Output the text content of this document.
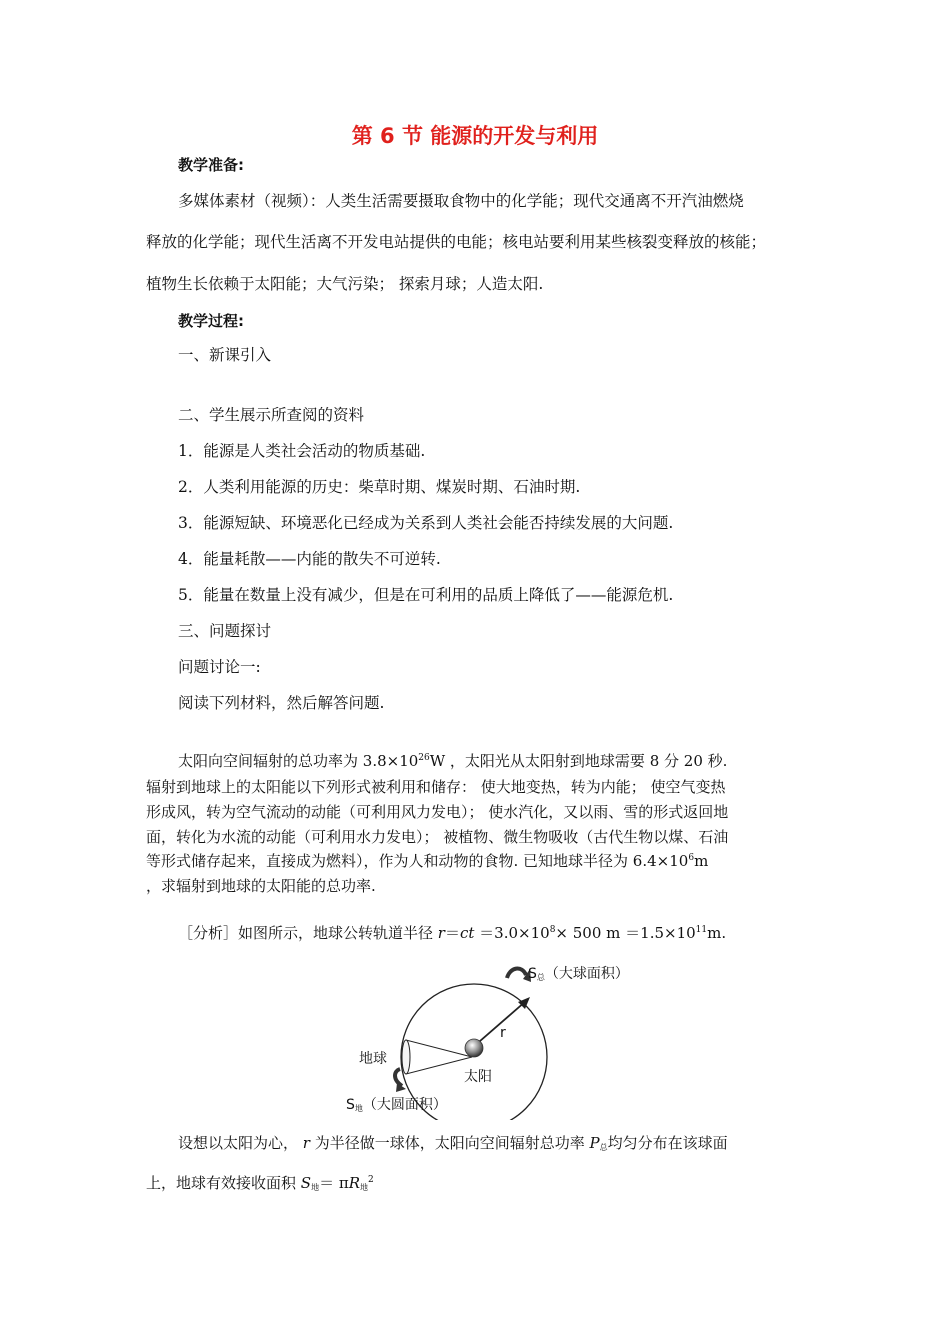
第 6 节 能源的开发与利用
教学准备:
多媒体素材（视频）：人类生活需要摄取食物中的化学能；现代交通离不开汽油燃烧
释放的化学能；现代生活离不开发电站提供的电能；核电站要利用某些核裂变释放的核能；
植物生长依赖于太阳能；大气污染； 探索月球；人造太阳.
教学过程:
一、新课引入
二、学生展示所查阅的资料
1．能源是人类社会活动的物质基础.
2．人类利用能源的历史：柴草时期、煤炭时期、石油时期.
3．能源短缺、环境恶化已经成为关系到人类社会能否持续发展的大问题.
4．能量耗散——内能的散失不可逆转.
5．能量在数量上没有减少，但是在可利用的品质上降低了——能源危机.
三、问题探讨
问题讨论一:
阅读下列材料，然后解答问题.
太阳向空间辐射的总功率为 $3.8\times 10^{26}W$ ，太阳光从太阳射到地球需要 8 分 20 秒.
辐射到地球上的太阳能以下列形式被利用和储存： 使大地变热，转为内能； 使空气变热
形成风，转为空气流动的动能（可利用风力发电）； 使水汽化，又以雨、雪的形式返回地
面，转化为水流的动能（可利用水力发电）； 被植物、微生物吸收（古代生物以煤、石油
等形式储存起来，直接成为燃料），作为人和动物的食物. 已知地球半径为 $6.4\times 10^6m$
，求辐射到地球的太阳能的总功率.
［分析］如图所示，地球公转轨道半径 $r=ct =3.0\times 10^8\times 500$ $m =1.5\times 10^{11}m$.
$S_总$（大球面积）
r
地球
太阳
$S_地$（大圆面积）
设想以太阳为心， r 为半径做一球体，太阳向空间辐射总功率 $P_总$均匀分布在该球面
上，地球有效接收面积 $S_地= \pi R_地^2$
